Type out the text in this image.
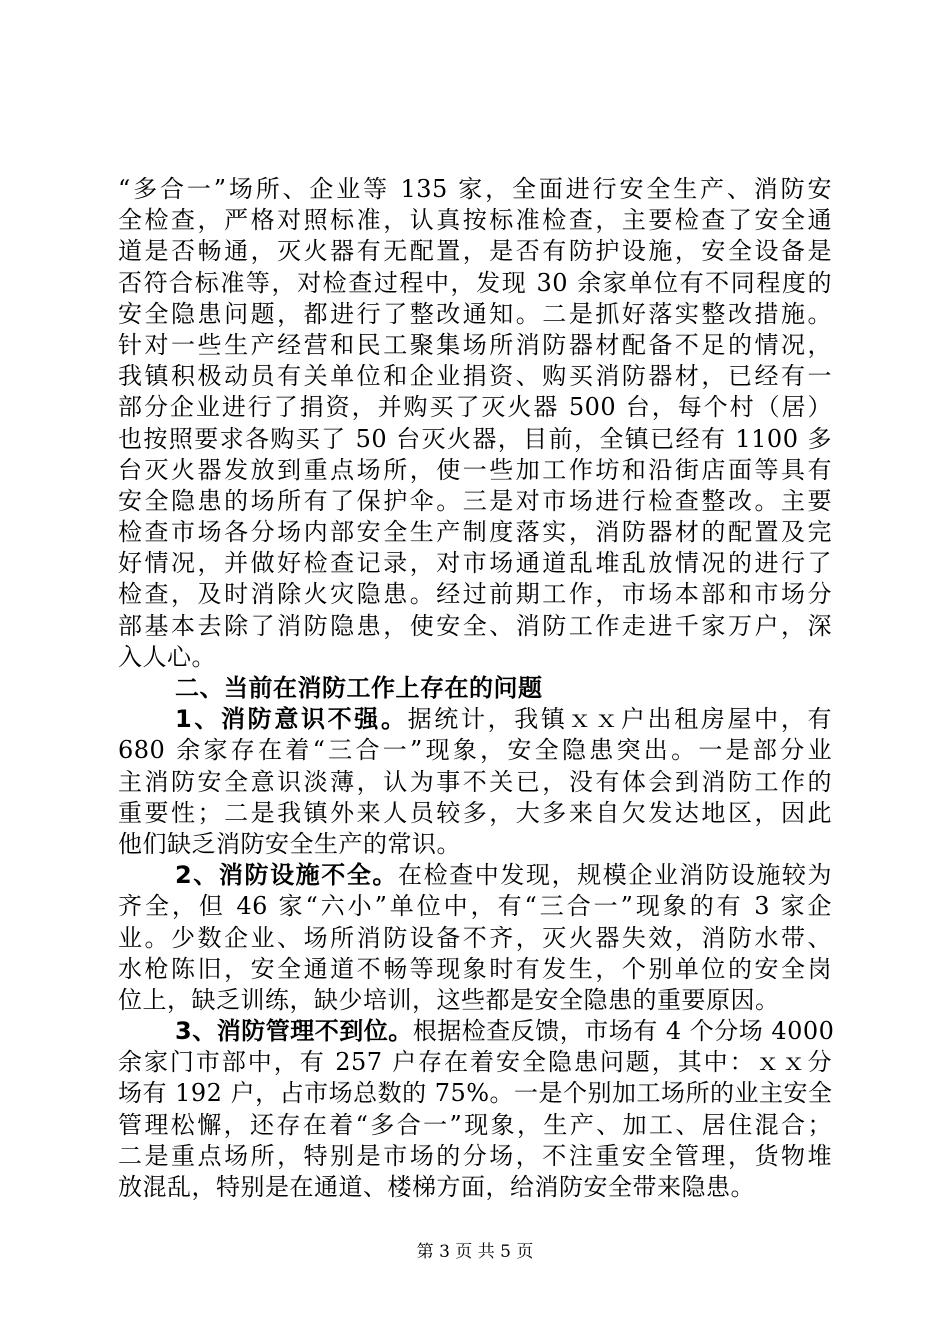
“多合一”场所、企业等 135 家，全面进行安全生产、消防安
全检查，严格对照标准，认真按标准检查，主要检查了安全通
道是否畅通，灭火器有无配置，是否有防护设施，安全设备是
否符合标准等，对检查过程中，发现 30 余家单位有不同程度的
安全隐患问题，都进行了整改通知。二是抓好落实整改措施。
针对一些生产经营和民工聚集场所消防器材配备不足的情况，
我镇积极动员有关单位和企业捐资、购买消防器材，已经有一
部分企业进行了捐资，并购买了灭火器 500 台，每个村（居）
也按照要求各购买了 50 台灭火器，目前，全镇已经有 1100 多
台灭火器发放到重点场所，使一些加工作坊和沿街店面等具有
安全隐患的场所有了保护伞。三是对市场进行检查整改。主要
检查市场各分场内部安全生产制度落实，消防器材的配置及完
好情况，并做好检查记录，对市场通道乱堆乱放情况的进行了
检查，及时消除火灾隐患。经过前期工作，市场本部和市场分
部基本去除了消防隐患，使安全、消防工作走进千家万户，深
入人心。
二、当前在消防工作上存在的问题
1、消防意识不强。据统计，我镇ｘｘ户出租房屋中，有
680 余家存在着“三合一”现象，安全隐患突出。一是部分业
主消防安全意识淡薄，认为事不关已，没有体会到消防工作的
重要性；二是我镇外来人员较多，大多来自欠发达地区，因此
他们缺乏消防安全生产的常识。
2、消防设施不全。在检查中发现，规模企业消防设施较为
齐全，但 46 家“六小”单位中，有“三合一”现象的有 3 家企
业。少数企业、场所消防设备不齐，灭火器失效，消防水带、
水枪陈旧，安全通道不畅等现象时有发生，个别单位的安全岗
位上，缺乏训练，缺少培训，这些都是安全隐患的重要原因。
3、消防管理不到位。根据检查反馈，市场有 4 个分场 4000
余家门市部中，有 257 户存在着安全隐患问题，其中：ｘｘ分
场有 192 户，占市场总数的 75%。一是个别加工场所的业主安全
管理松懈，还存在着“多合一”现象，生产、加工、居住混合；
二是重点场所，特别是市场的分场，不注重安全管理，货物堆
放混乱，特别是在通道、楼梯方面，给消防安全带来隐患。
第 3 页 共 5 页
